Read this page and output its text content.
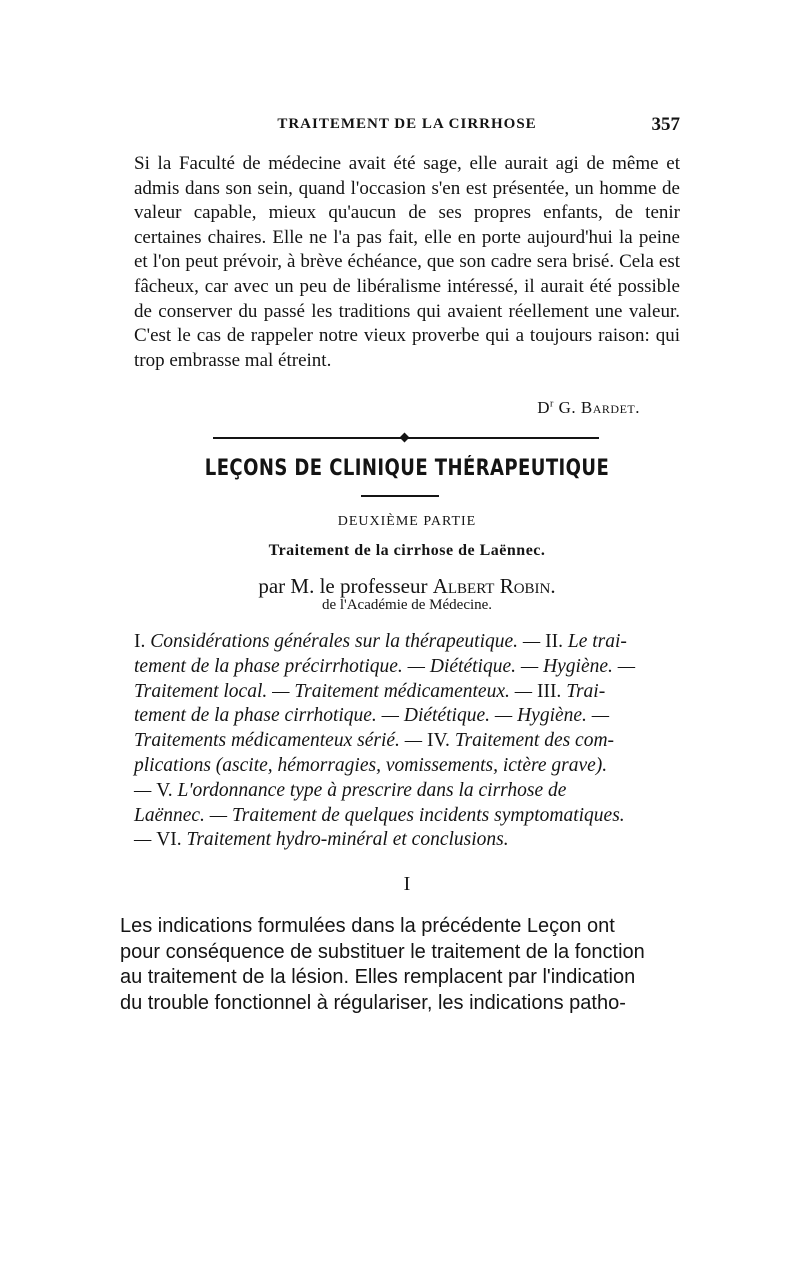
TRAITEMENT DE LA CIRRHOSE	357

Si la Faculté de médecine avait été sage, elle aurait agi de même et admis dans son sein, quand l'occasion s'en est présentée, un homme de valeur capable, mieux qu'aucun de ses propres enfants, de tenir certaines chaires. Elle ne l'a pas fait, elle en porte aujourd'hui la peine et l'on peut prévoir, à brève échéance, que son cadre sera brisé. Cela est fâcheux, car avec un peu de libéralisme intéressé, il aurait été possible de conserver du passé les traditions qui avaient réellement une valeur. C'est le cas de rappeler notre vieux proverbe qui a toujours raison: qui trop embrasse mal étreint.

$D^r$ G. Bardet.
LEÇONS DE CLINIQUE THÉRAPEUTIQUE
DEUXIÈME PARTIE
Traitement de la cirrhose de Laënnec.
par M. le professeur Albert Robin.
de l'Académie de Médecine.
I. Considérations générales sur la thérapeutique. — II. Le trai-
tement de la phase précirrhotique. — Diététique. — Hygiène. —
Traitement local. — Traitement médicamenteux. — III. Trai-
tement de la phase cirrhotique. — Diététique. — Hygiène. —
Traitements médicamenteux sérié. — IV. Traitement des com-
plications (ascite, hémorragies, vomissements, ictère grave).
— V. L'ordonnance type à prescrire dans la cirrhose de
Laënnec. — Traitement de quelques incidents symptomatiques.
— VI. Traitement hydro-minéral et conclusions.
I
Les indications formulées dans la précédente Leçon ont
pour conséquence de substituer le traitement de la fonction
au traitement de la lésion. Elles remplacent par l'indication
du trouble fonctionnel à régulariser, les indications patho-
